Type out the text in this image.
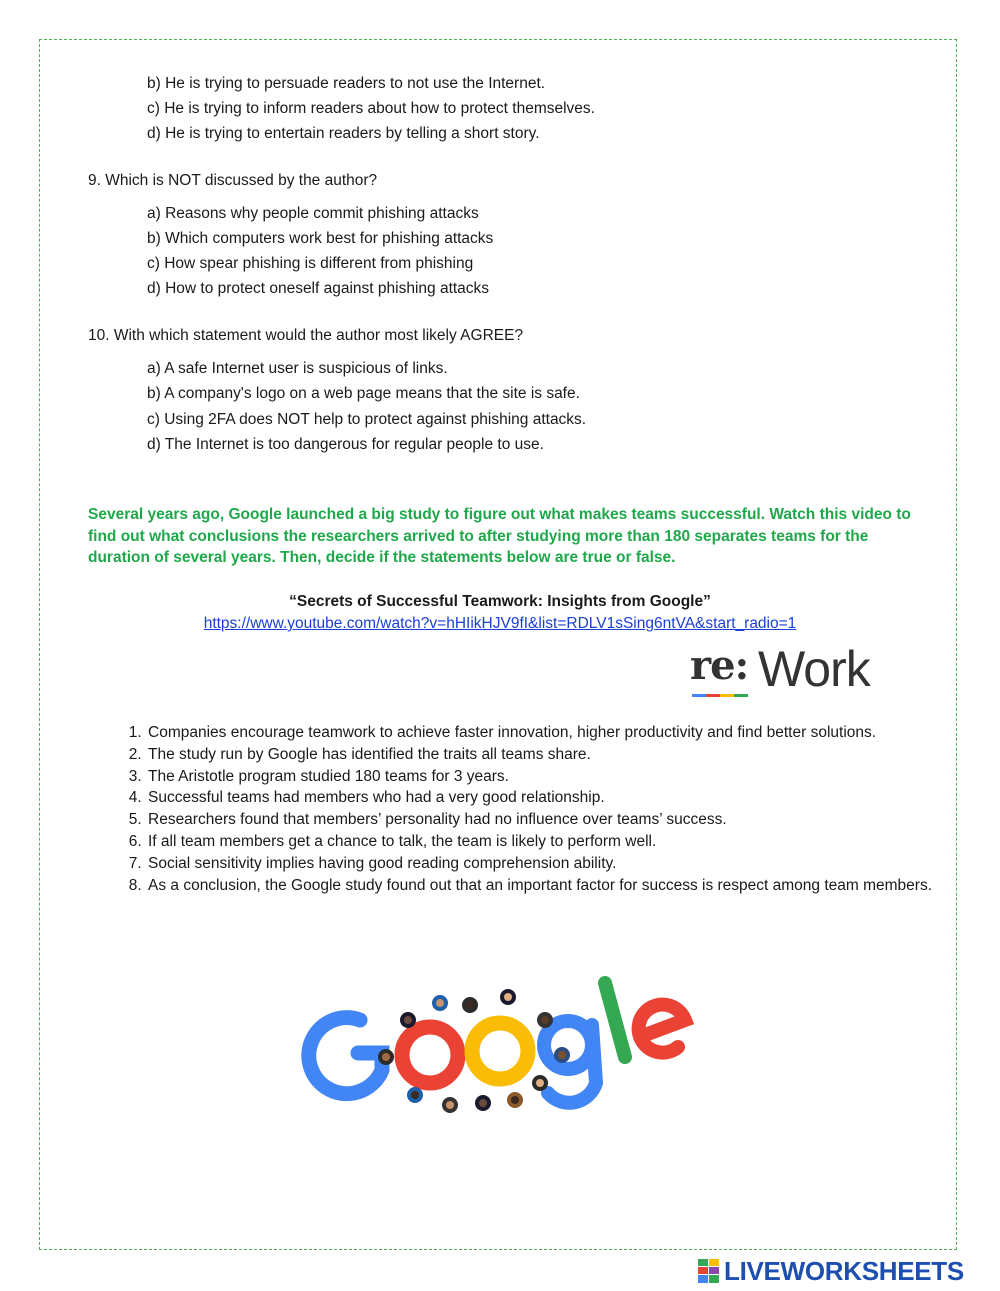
b) He is trying to persuade readers to not use the Internet.
c) He is trying to inform readers about how to protect themselves.
d) He is trying to entertain readers by telling a short story.
9. Which is NOT discussed by the author?
a) Reasons why people commit phishing attacks
b) Which computers work best for phishing attacks
c) How spear phishing is different from phishing
d) How to protect oneself against phishing attacks
10. With which statement would the author most likely AGREE?
a) A safe Internet user is suspicious of links.
b) A company's logo on a web page means that the site is safe.
c) Using 2FA does NOT help to protect against phishing attacks.
d) The Internet is too dangerous for regular people to use.
Several years ago, Google launched a big study to figure out what makes teams successful. Watch this video to find out what conclusions the researchers arrived to after studying more than 180 separates teams for the duration of several years. Then, decide if the statements below are true or false.
“Secrets of Successful Teamwork: Insights from Google”
https://www.youtube.com/watch?v=hHIikHJV9fI&list=RDLV1sSing6ntVA&start_radio=1
re: Work
1. Companies encourage teamwork to achieve faster innovation, higher productivity and find better solutions.
2. The study run by Google has identified the traits all teams share.
3. The Aristotle program studied 180 teams for 3 years.
4. Successful teams had members who had a very good relationship.
5. Researchers found that members’ personality had no influence over teams’ success.
6. If all team members get a chance to talk, the team is likely to perform well.
7. Social sensitivity implies having good reading comprehension ability.
8. As a conclusion, the Google study found out that an important factor for success is respect among team members.
LIVEWORKSHEETS
